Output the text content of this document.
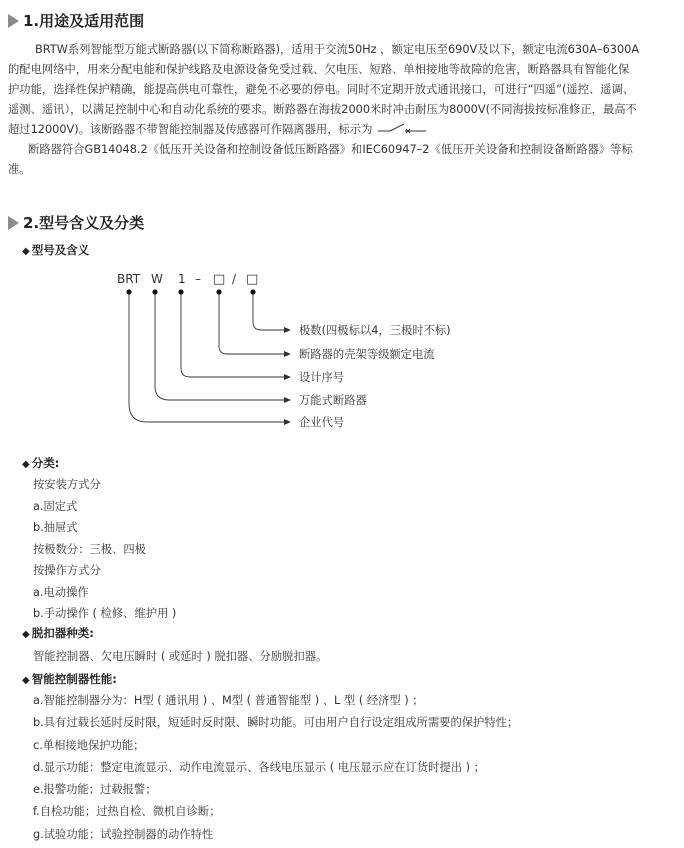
1.用途及适用范围

BRTW系列智能型万能式断路器(以下简称断路器)，适用于交流50Hz ，额定电压至690V及以下，额定电流630A–6300A

的配电网络中，用来分配电能和保护线路及电源设备免受过载、欠电压、短路、单相接地等故障的危害，断路器具有智能化保

护功能，选择性保护精确，能提高供电可靠性，避免不必要的停电。同时不定期开放式通讯接口，可进行“四遥”(遥控、遥调、

遥测、遥讯），以满足控制中心和自动化系统的要求。断路器在海拔2000米时冲击耐压为8000V(不同海拔按标准修正，最高不

超过12000V)。该断路器不带智能控制器及传感器可作隔离器用，标示为

断路器符合GB14048.2《低压开关设备和控制设备低压断路器》和IEC60947–2《低压开关设备和控制设备断路器》等标

准。

2.型号含义及分类
◆ 型号及含义
BRT W 1 – □ / □
极数(四极标以4，三极时不标)
断路器的壳架等级额定电流
设计序号
万能式断路器
企业代号
◆ 分类:
按安装方式分
a.固定式
b.抽屉式
按极数分：三极、四极
按操作方式分
a.电动操作
b.手动操作 ( 检修、维护用 )
◆ 脱扣器种类:
智能控制器、欠电压瞬时 ( 或延时 ) 脱扣器、分励脱扣器。
◆ 智能控制器性能:
a.智能控制器分为：H型 ( 通讯用 ) 、M型 ( 普通智能型 ) 、L 型 ( 经济型 ) ；
b.具有过载长延时反时限，短延时反时限、瞬时功能。可由用户自行设定组成所需要的保护特性；
c.单相接地保护功能；
d.显示功能：整定电流显示、动作电流显示、各线电压显示 ( 电压显示应在订货时提出 ) ；
e.报警功能；过载报警；
f.自检功能；过热自检、微机自诊断；
g.试验功能；试验控制器的动作特性
